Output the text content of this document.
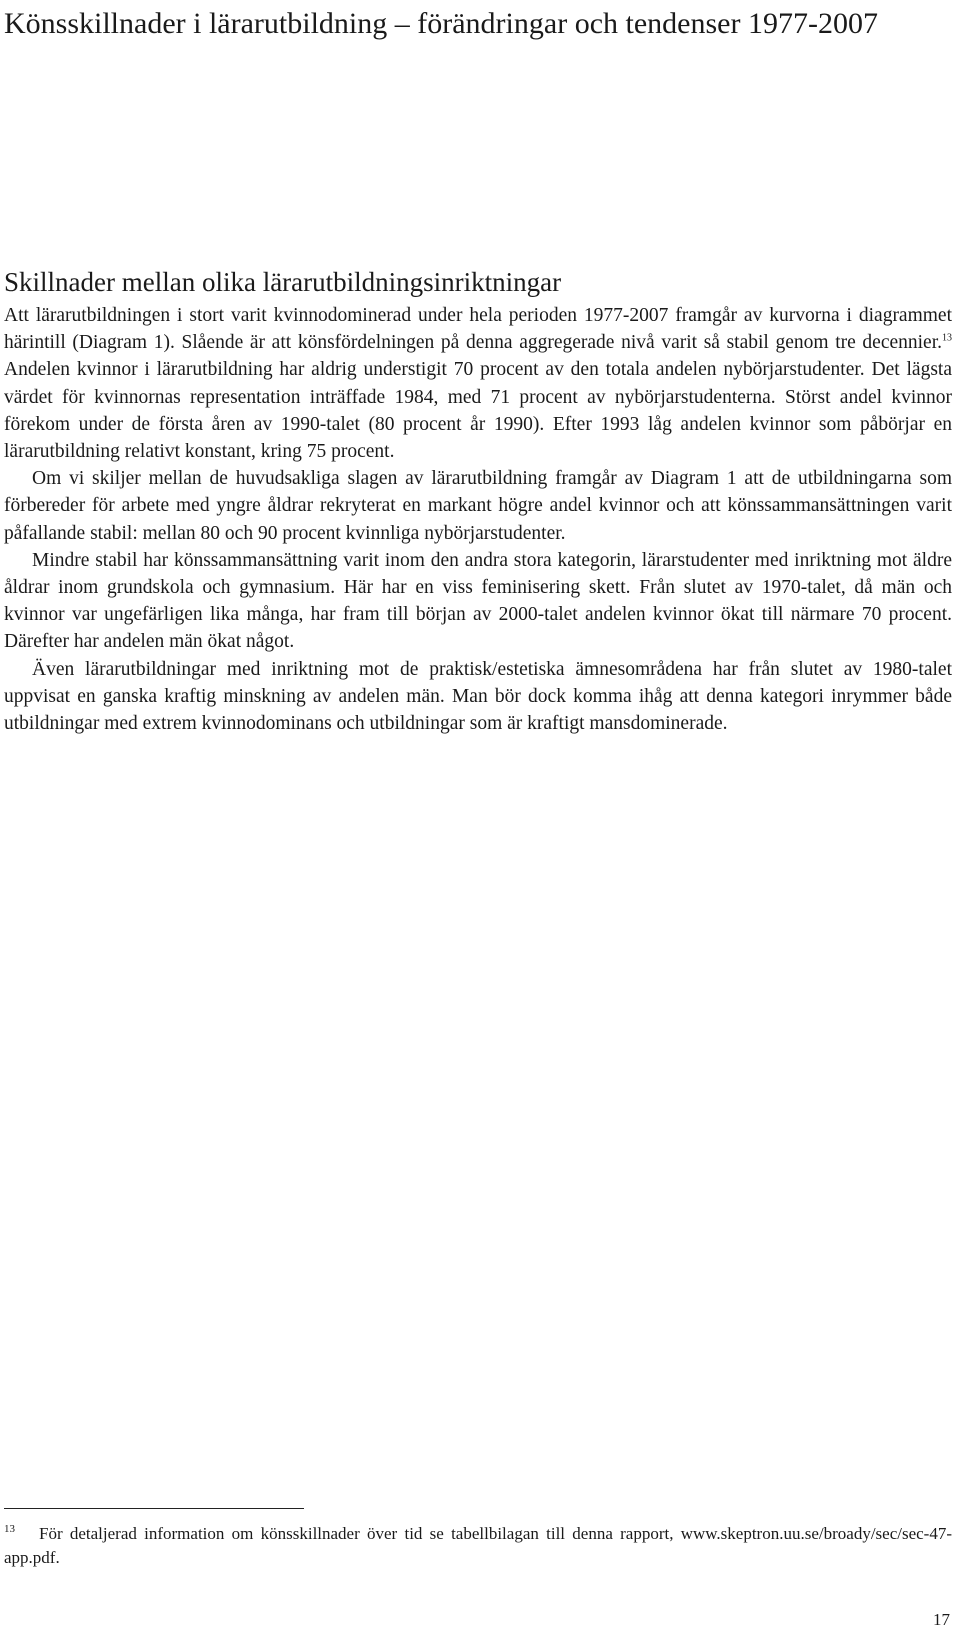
Könsskillnader i lärarutbildning – förändringar och tendenser 1977-2007
Skillnader mellan olika lärarutbildningsinriktningar

Att lärarutbildningen i stort varit kvinnodominerad under hela perioden 1977-2007 framgår av kurvorna i diagrammet härintill (Diagram 1). Slående är att könsfördelningen på denna aggregerade nivå varit så stabil genom tre decennier.$^{13}$ Andelen kvinnor i lärarutbildning har aldrig understigit 70 procent av den totala andelen nybörjarstudenter. Det lägsta värdet för kvinnornas representation inträffade 1984, med 71 procent av nybörjarstudenterna. Störst andel kvinnor förekom under de första åren av 1990-talet (80 procent år 1990). Efter 1993 låg andelen kvinnor som påbörjar en lärarutbildning relativt konstant, kring 75 procent.

Om vi skiljer mellan de huvudsakliga slagen av lärarutbildning framgår av Diagram 1 att de utbildningarna som förbereder för arbete med yngre åldrar rekryterat en markant högre andel kvinnor och att könssammansättningen varit påfallande stabil: mellan 80 och 90 procent kvinnliga nybörjarstudenter.

Mindre stabil har könssammansättning varit inom den andra stora kategorin, lärarstudenter med inriktning mot äldre åldrar inom grundskola och gymnasium. Här har en viss feminisering skett. Från slutet av 1970-talet, då män och kvinnor var ungefärligen lika många, har fram till början av 2000-talet andelen kvinnor ökat till närmare 70 procent. Därefter har andelen män ökat något.

Även lärarutbildningar med inriktning mot de praktisk/estetiska ämnesområdena har från slutet av 1980-talet uppvisat en ganska kraftig minskning av andelen män. Man bör dock komma ihåg att denna kategori inrymmer både utbildningar med extrem kvinnodominans och utbildningar som är kraftigt mansdominerade.

$^{13}$ För detaljerad information om könsskillnader över tid se tabellbilagan till denna rapport, www.skeptron.uu.se/broady/sec/sec-47-app.pdf.
17
